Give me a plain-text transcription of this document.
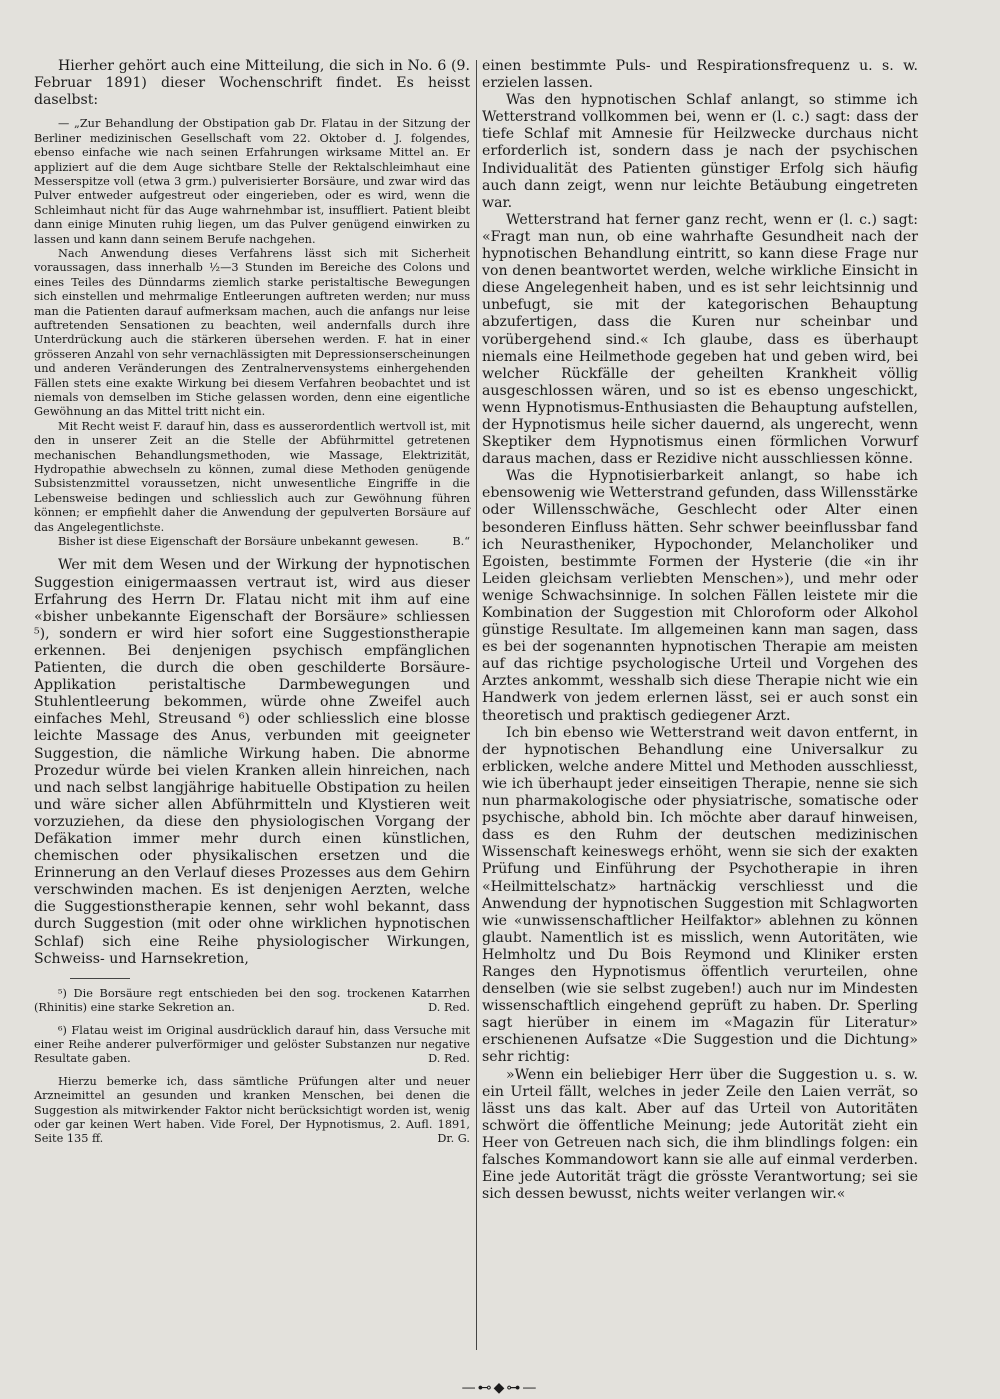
Hierher gehört auch eine Mitteilung, die sich in No. 6 (9. Februar 1891) dieser Wochenschrift findet. Es heisst daselbst:

— „Zur Behandlung der Obstipation gab Dr. Flatau in der Sitzung der Berliner medizinischen Gesellschaft vom 22. Oktober d. J. folgendes, ebenso einfache wie nach seinen Erfahrungen wirksame Mittel an. Er appliziert auf die dem Auge sichtbare Stelle der Rektalschleimhaut eine Messerspitze voll (etwa 3 grm.) pulverisierter Borsäure, und zwar wird das Pulver entweder aufgestreut oder eingerieben, oder es wird, wenn die Schleimhaut nicht für das Auge wahrnehmbar ist, insuffliert. Patient bleibt dann einige Minuten ruhig liegen, um das Pulver genügend einwirken zu lassen und kann dann seinem Berufe nachgehen.

Nach Anwendung dieses Verfahrens lässt sich mit Sicherheit voraussagen, dass innerhalb ½—3 Stunden im Bereiche des Colons und eines Teiles des Dünndarms ziemlich starke peristaltische Bewegungen sich einstellen und mehrmalige Entleerungen auftreten werden; nur muss man die Patienten darauf aufmerksam machen, auch die anfangs nur leise auftretenden Sensationen zu beachten, weil andernfalls durch ihre Unterdrückung auch die stärkeren übersehen werden. F. hat in einer grösseren Anzahl von sehr vernachlässigten mit Depressionserscheinungen und anderen Veränderungen des Zentralnervensystems einhergehenden Fällen stets eine exakte Wirkung bei diesem Verfahren beobachtet und ist niemals von demselben im Stiche gelassen worden, denn eine eigentliche Gewöhnung an das Mittel tritt nicht ein.

Mit Recht weist F. darauf hin, dass es ausserordentlich wertvoll ist, mit den in unserer Zeit an die Stelle der Abführmittel getretenen mechanischen Behandlungsmethoden, wie Massage, Elektrizität, Hydropathie abwechseln zu können, zumal diese Methoden genügende Subsistenzmittel voraussetzen, nicht unwesentliche Eingriffe in die Lebensweise bedingen und schliesslich auch zur Gewöhnung führen können; er empfiehlt daher die Anwendung der gepulverten Borsäure auf das Angelegentlichste.

Bisher ist diese Eigenschaft der Borsäure unbekannt gewesen.	B.“

Wer mit dem Wesen und der Wirkung der hypnotischen Suggestion einigermaassen vertraut ist, wird aus dieser Erfahrung des Herrn Dr. Flatau nicht mit ihm auf eine «bisher unbekannte Eigenschaft der Borsäure» schliessen ⁵), sondern er wird hier sofort eine Suggestionstherapie erkennen. Bei denjenigen psychisch empfänglichen Patienten, die durch die oben geschilderte Borsäure-Applikation peristaltische Darmbewegungen und Stuhlentleerung bekommen, würde ohne Zweifel auch einfaches Mehl, Streusand ⁶) oder schliesslich eine blosse leichte Massage des Anus, verbunden mit geeigneter Suggestion, die nämliche Wirkung haben. Die abnorme Prozedur würde bei vielen Kranken allein hinreichen, nach und nach selbst langjährige habituelle Obstipation zu heilen und wäre sicher allen Abführmitteln und Klystieren weit vorzuziehen, da diese den physiologischen Vorgang der Defäkation immer mehr durch einen künstlichen, chemischen oder physikalischen ersetzen und die Erinnerung an den Verlauf dieses Prozesses aus dem Gehirn verschwinden machen. Es ist denjenigen Aerzten, welche die Suggestionstherapie kennen, sehr wohl bekannt, dass durch Suggestion (mit oder ohne wirklichen hypnotischen Schlaf) sich eine Reihe physiologischer Wirkungen, Schweiss- und Harnsekretion,

⁵) Die Borsäure regt entschieden bei den sog. trockenen Katarrhen (Rhinitis) eine starke Sekretion an.	D. Red.

⁶) Flatau weist im Original ausdrücklich darauf hin, dass Versuche mit einer Reihe anderer pulverförmiger und gelöster Substanzen nur negative Resultate gaben.	D. Red.

Hierzu bemerke ich, dass sämtliche Prüfungen alter und neuer Arzneimittel an gesunden und kranken Menschen, bei denen die Suggestion als mitwirkender Faktor nicht berücksichtigt worden ist, wenig oder gar keinen Wert haben. Vide Forel, Der Hypnotismus, 2. Aufl. 1891, Seite 135 ff.	Dr. G.

einen bestimmte Puls- und Respirationsfrequenz u. s. w. erzielen lassen.

Was den hypnotischen Schlaf anlangt, so stimme ich Wetterstrand vollkommen bei, wenn er (l. c.) sagt: dass der tiefe Schlaf mit Amnesie für Heilzwecke durchaus nicht erforderlich ist, sondern dass je nach der psychischen Individualität des Patienten günstiger Erfolg sich häufig auch dann zeigt, wenn nur leichte Betäubung eingetreten war.

Wetterstrand hat ferner ganz recht, wenn er (l. c.) sagt: «Fragt man nun, ob eine wahrhafte Gesundheit nach der hypnotischen Behandlung eintritt, so kann diese Frage nur von denen beantwortet werden, welche wirkliche Einsicht in diese Angelegenheit haben, und es ist sehr leichtsinnig und unbefugt, sie mit der kategorischen Behauptung abzufertigen, dass die Kuren nur scheinbar und vorübergehend sind.« Ich glaube, dass es überhaupt niemals eine Heilmethode gegeben hat und geben wird, bei welcher Rückfälle der geheilten Krankheit völlig ausgeschlossen wären, und so ist es ebenso ungeschickt, wenn Hypnotismus-Enthusiasten die Behauptung aufstellen, der Hypnotismus heile sicher dauernd, als ungerecht, wenn Skeptiker dem Hypnotismus einen förmlichen Vorwurf daraus machen, dass er Rezidive nicht ausschliessen könne.

Was die Hypnotisierbarkeit anlangt, so habe ich ebensowenig wie Wetterstrand gefunden, dass Willensstärke oder Willensschwäche, Geschlecht oder Alter einen besonderen Einfluss hätten. Sehr schwer beeinflussbar fand ich Neurastheniker, Hypochonder, Melancholiker und Egoisten, bestimmte Formen der Hysterie (die «in ihr Leiden gleichsam verliebten Menschen»), und mehr oder wenige Schwachsinnige. In solchen Fällen leistete mir die Kombination der Suggestion mit Chloroform oder Alkohol günstige Resultate. Im allgemeinen kann man sagen, dass es bei der sogenannten hypnotischen Therapie am meisten auf das richtige psychologische Urteil und Vorgehen des Arztes ankommt, wesshalb sich diese Therapie nicht wie ein Handwerk von jedem erlernen lässt, sei er auch sonst ein theoretisch und praktisch gediegener Arzt.

Ich bin ebenso wie Wetterstrand weit davon entfernt, in der hypnotischen Behandlung eine Universalkur zu erblicken, welche andere Mittel und Methoden ausschliesst, wie ich überhaupt jeder einseitigen Therapie, nenne sie sich nun pharmakologische oder physiatrische, somatische oder psychische, abhold bin. Ich möchte aber darauf hinweisen, dass es den Ruhm der deutschen medizinischen Wissenschaft keineswegs erhöht, wenn sie sich der exakten Prüfung und Einführung der Psychotherapie in ihren «Heilmittelschatz» hartnäckig verschliesst und die Anwendung der hypnotischen Suggestion mit Schlagworten wie «unwissenschaftlicher Heilfaktor» ablehnen zu können glaubt. Namentlich ist es misslich, wenn Autoritäten, wie Helmholtz und Du Bois Reymond und Kliniker ersten Ranges den Hypnotismus öffentlich verurteilen, ohne denselben (wie sie selbst zugeben!) auch nur im Mindesten wissenschaftlich eingehend geprüft zu haben. Dr. Sperling sagt hierüber in einem im «Magazin für Literatur» erschienenen Aufsatze «Die Suggestion und die Dichtung» sehr richtig:

»Wenn ein beliebiger Herr über die Suggestion u. s. w. ein Urteil fällt, welches in jeder Zeile den Laien verrät, so lässt uns das kalt. Aber auf das Urteil von Autoritäten schwört die öffentliche Meinung; jede Autorität zieht ein Heer von Getreuen nach sich, die ihm blindlings folgen: ein falsches Kommandowort kann sie alle auf einmal verderben. Eine jede Autorität trägt die grösste Verantwortung; sei sie sich dessen bewusst, nichts weiter verlangen wir.«

—⊷◆⊶—
